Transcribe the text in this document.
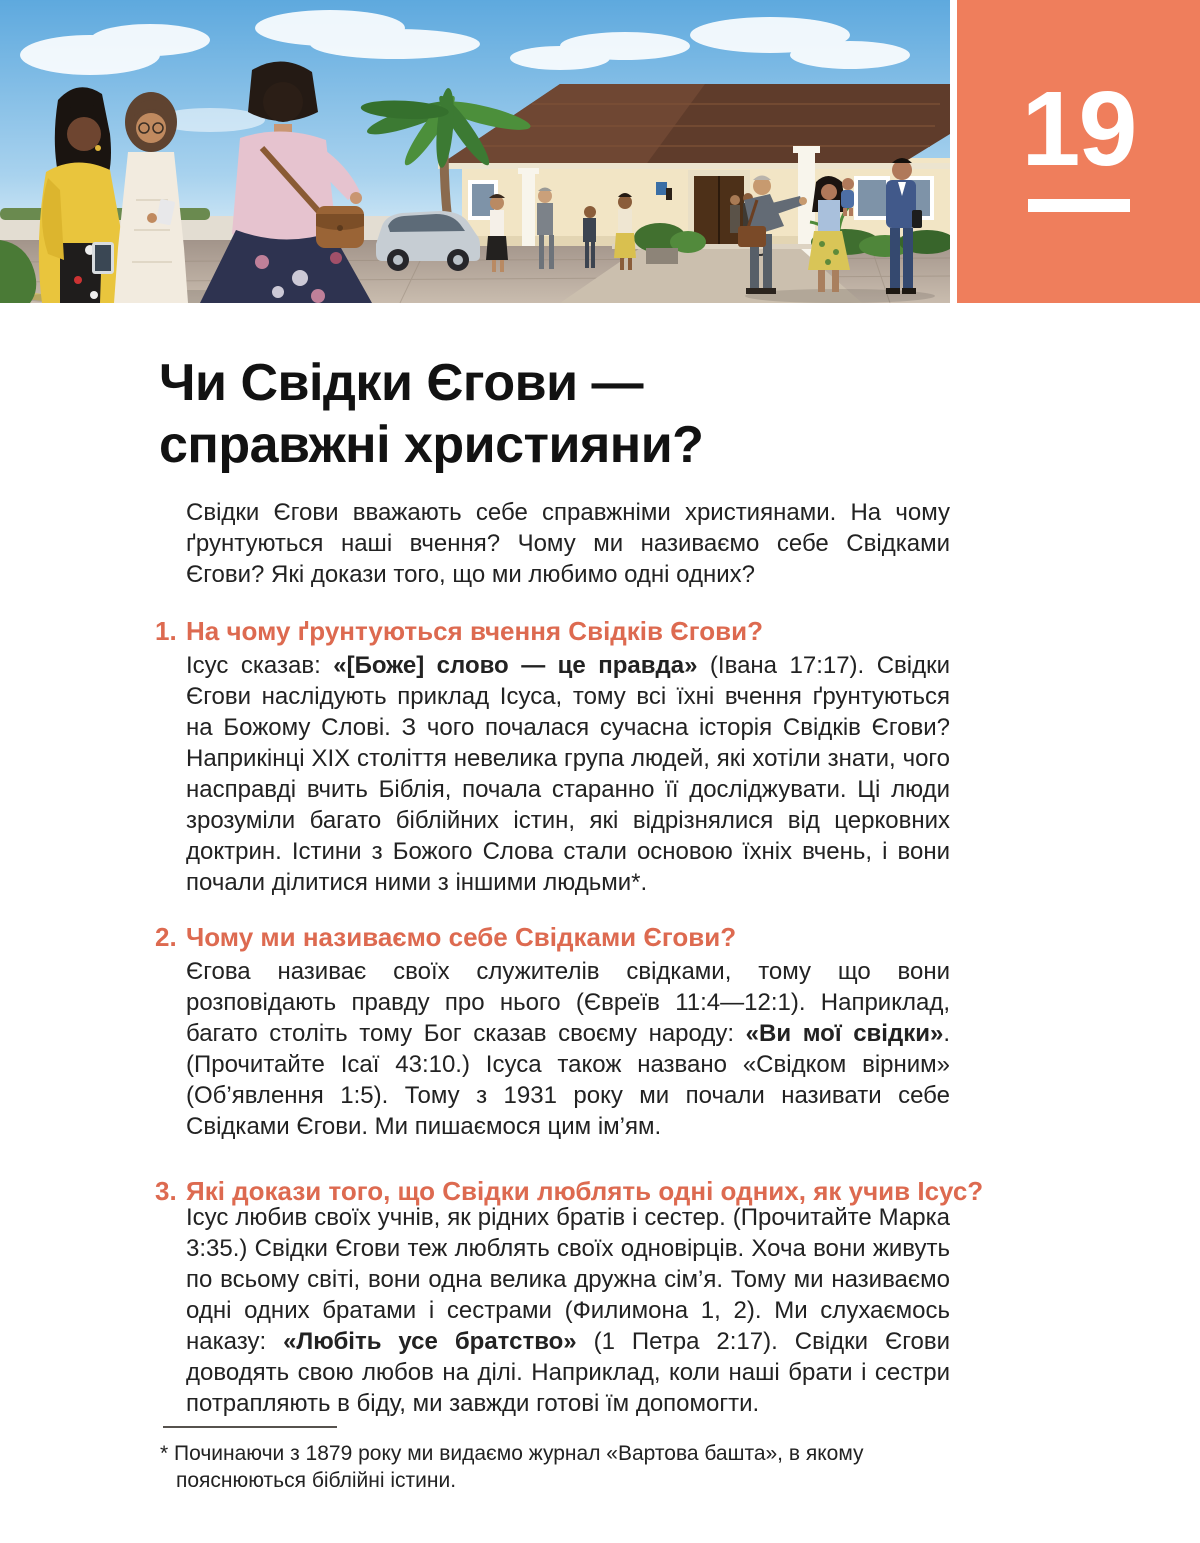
19
Чи Свідки Єгови —
справжні християни?

Свідки Єгови вважають себе справжніми християнами. На чому ґрунтуються наші вчення? Чому ми називаємо себе Свідками Єгови? Які докази того, що ми любимо одні одних?

1. На чому ґрунтуються вчення Свідків Єгови?

Ісус сказав: «[Боже] слово — це правда» (Івана 17:17). Свідки Єгови наслідують приклад Ісуса, тому всі їхні вчення ґрунтуються на Божому Слові. З чого почалася сучасна історія Свідків Єгови? Наприкінці XIX століття невелика група людей, які хотіли знати, чого насправді вчить Біблія, почала старанно її досліджувати. Ці люди зрозуміли багато біблійних істин, які відрізнялися від церковних доктрин. Істини з Божого Слова стали основою їхніх вчень, і вони почали ділитися ними з іншими людьми*.

2. Чому ми називаємо себе Свідками Єгови?

Єгова називає своїх служителів свідками, тому що вони розповідають правду про нього (Євреїв 11:4—12:1). Наприклад, багато століть тому Бог сказав своєму народу: «Ви мої свідки». (Прочитайте Ісаї 43:10.) Ісуса також названо «Свідком вірним» (Об’явлення 1:5). Тому з 1931 року ми почали називати себе Свідками Єгови. Ми пишаємося цим ім’ям.

3. Які докази того, що Свідки люблять одні одних, як учив Ісус?

Ісус любив своїх учнів, як рідних братів і сестер. (Прочитайте Марка 3:35.) Свідки Єгови теж люблять своїх одновірців. Хоча вони живуть по всьому світі, вони одна велика дружна сім’я. Тому ми називаємо одні одних братами і сестрами (Филимона 1, 2). Ми слухаємось наказу: «Любіть усе братство» (1 Петра 2:17). Свідки Єгови доводять свою любов на ділі. Наприклад, коли наші брати і сестри потрапляють в біду, ми завжди готові їм допомогти.

* Починаючи з 1879 року ми видаємо журнал «Вартова башта», в якому пояснюються біблійні істини.
